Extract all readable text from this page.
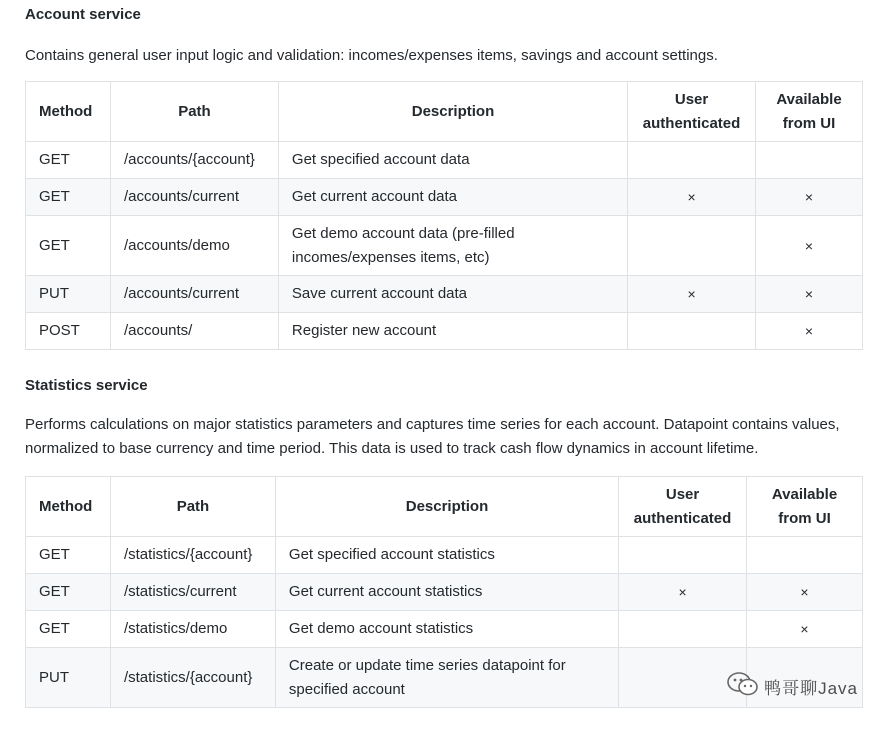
Account service

Contains general user input logic and validation: incomes/expenses items, savings and account settings.

Method	Path	Description	User authenticated	Available from UI
GET	/accounts/{account}	Get specified account data		
GET	/accounts/current	Get current account data	×	×
GET	/accounts/demo	Get demo account data (pre-filled incomes/expenses items, etc)		×
PUT	/accounts/current	Save current account data	×	×
POST	/accounts/	Register new account		×
Statistics service

Performs calculations on major statistics parameters and captures time series for each account. Datapoint contains values, normalized to base currency and time period. This data is used to track cash flow dynamics in account lifetime.

Method	Path	Description	User authenticated	Available from UI
GET	/statistics/{account}	Get specified account statistics		
GET	/statistics/current	Get current account statistics	×	×
GET	/statistics/demo	Get demo account statistics		×
PUT	/statistics/{account}	Create or update time series datapoint for specified account			鸭哥聊Java
